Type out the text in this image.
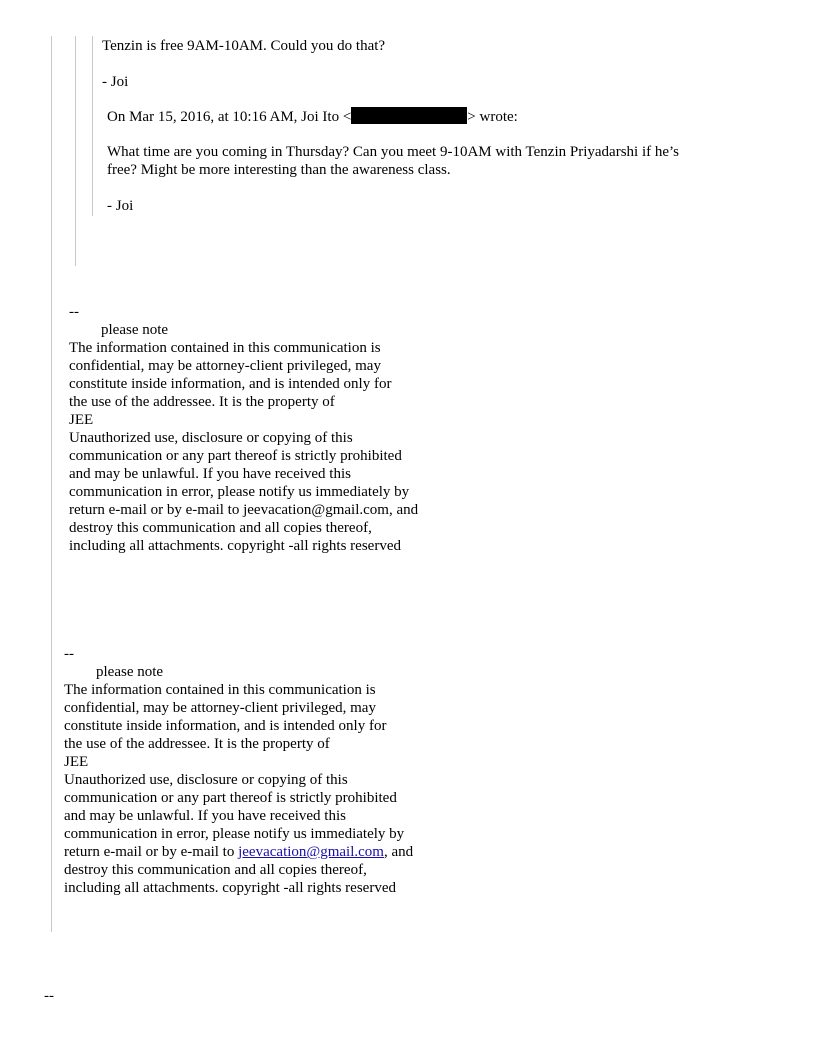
Tenzin is free 9AM-10AM. Could you do that?

- Joi

On Mar 15, 2016, at 10:16 AM, Joi Ito <	> wrote:

What time are you coming in Thursday? Can you meet 9-10AM with Tenzin Priyadarshi if he’s

free? Might be more interesting than the awareness class.

- Joi

--

please note

The information contained in this communication is
confidential, may be attorney-client privileged, may
constitute inside information, and is intended only for
the use of the addressee. It is the property of
JEE
Unauthorized use, disclosure or copying of this
communication or any part thereof is strictly prohibited
and may be unlawful. If you have received this
communication in error, please notify us immediately by
return e-mail or by e-mail to jeevacation@gmail.com, and
destroy this communication and all copies thereof,
including all attachments. copyright -all rights reserved

--

please note

The information contained in this communication is
confidential, may be attorney-client privileged, may
constitute inside information, and is intended only for
the use of the addressee. It is the property of
JEE
Unauthorized use, disclosure or copying of this
communication or any part thereof is strictly prohibited
and may be unlawful. If you have received this
communication in error, please notify us immediately by
return e-mail or by e-mail to jeevacation@gmail.com, and
destroy this communication and all copies thereof,
including all attachments. copyright -all rights reserved

--
